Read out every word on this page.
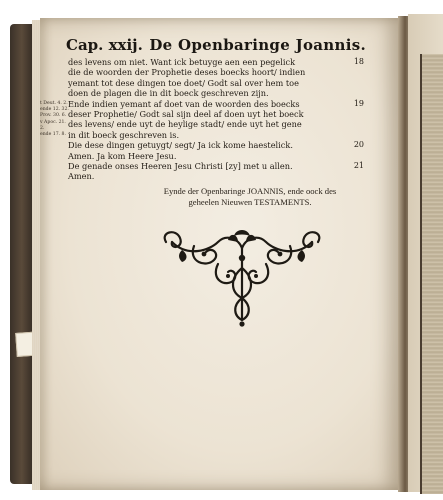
Cap. xxij. De Openbaringe Joannis.
t Deut. 4. 2.
ende 12. 32.
Prov. 30. 6.
v Apoc. 21. 2.
ende 17. 8.
des levens om niet. Want ick betuyge aen een pegelick	18
die de woorden der Prophetie deses boecks hoort/ indien
yemant tot dese dingen toe doet/ Godt sal over hem toe
doen de plagen die in dit boeck geschreven zijn.
Ende indien yemant af doet van de woorden des boecks	19
deser Prophetie/ Godt sal sijn deel af doen uyt het boeck
des levens/ ende uyt de heylige stadt/ ende uyt het gene
in dit boeck geschreven is.
Die dese dingen getuygt/ segt/ Ja ick kome haestelick.	20
Amen. Ja kom Heere Jesu.
De genade onses Heeren Jesu Christi [zy] met u allen.	21
Amen.
Eynde der Openbaringe JOANNIS, ende oock des
geheelen Nieuwen TESTAMENTS.
